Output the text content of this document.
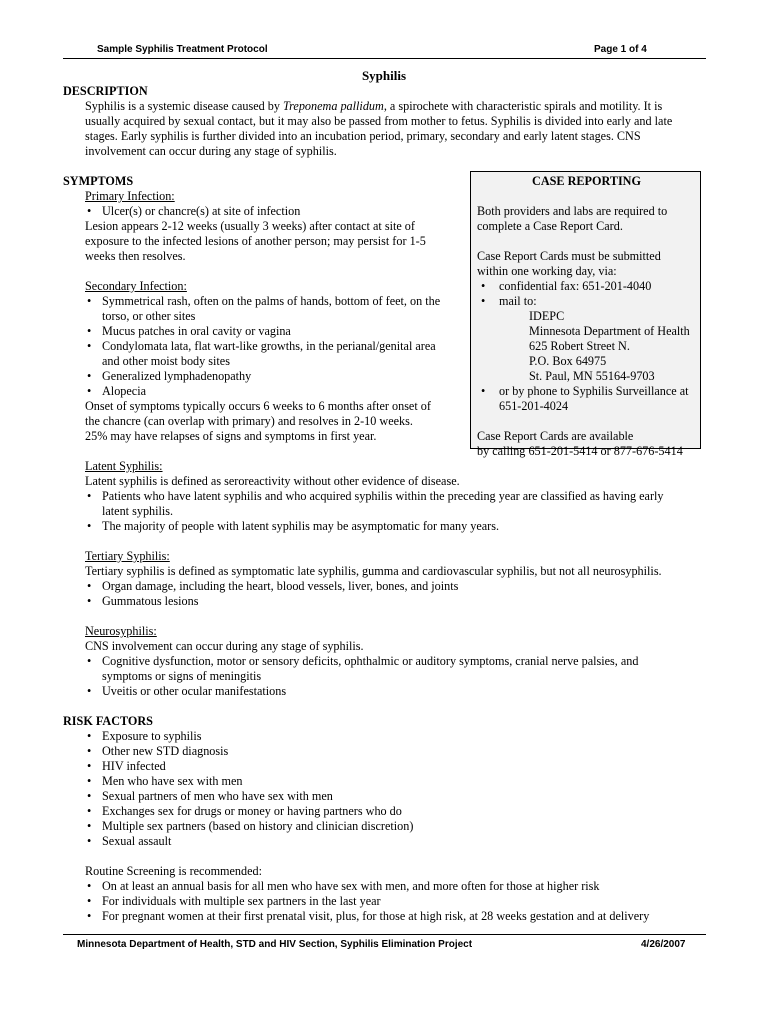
Sample Syphilis Treatment Protocol	Page 1 of 4
Syphilis
DESCRIPTION
Syphilis is a systemic disease caused by Treponema pallidum, a spirochete with characteristic spirals and motility. It is
usually acquired by sexual contact, but it may also be passed from mother to fetus. Syphilis is divided into early and late
stages. Early syphilis is further divided into an incubation period, primary, secondary and early latent stages. CNS
involvement can occur during any stage of syphilis.
SYMPTOMS
Primary Infection:
• Ulcer(s) or chancre(s) at site of infection
Lesion appears 2-12 weeks (usually 3 weeks) after contact at site of
exposure to the infected lesions of another person; may persist for 1-5
weeks then resolves.
Secondary Infection:
• Symmetrical rash, often on the palms of hands, bottom of feet, on the
torso, or other sites
• Mucus patches in oral cavity or vagina
• Condylomata lata, flat wart-like growths, in the perianal/genital area
and other moist body sites
• Generalized lymphadenopathy
• Alopecia
Onset of symptoms typically occurs 6 weeks to 6 months after onset of
the chancre (can overlap with primary) and resolves in 2-10 weeks.
25% may have relapses of signs and symptoms in first year.
Latent Syphilis:
Latent syphilis is defined as seroreactivity without other evidence of disease.
• Patients who have latent syphilis and who acquired syphilis within the preceding year are classified as having early
latent syphilis.
• The majority of people with latent syphilis may be asymptomatic for many years.
Tertiary Syphilis:
Tertiary syphilis is defined as symptomatic late syphilis, gumma and cardiovascular syphilis, but not all neurosyphilis.
• Organ damage, including the heart, blood vessels, liver, bones, and joints
• Gummatous lesions
Neurosyphilis:
CNS involvement can occur during any stage of syphilis.
• Cognitive dysfunction, motor or sensory deficits, ophthalmic or auditory symptoms, cranial nerve palsies, and
symptoms or signs of meningitis
• Uveitis or other ocular manifestations
RISK FACTORS
• Exposure to syphilis
• Other new STD diagnosis
• HIV infected
• Men who have sex with men
• Sexual partners of men who have sex with men
• Exchanges sex for drugs or money or having partners who do
• Multiple sex partners (based on history and clinician discretion)
• Sexual assault
Routine Screening is recommended:
• On at least an annual basis for all men who have sex with men, and more often for those at higher risk
• For individuals with multiple sex partners in the last year
• For pregnant women at their first prenatal visit, plus, for those at high risk, at 28 weeks gestation and at delivery
CASE REPORTING
Both providers and labs are required to
complete a Case Report Card.
Case Report Cards must be submitted
within one working day, via:
• confidential fax: 651-201-4040
• mail to:
IDEPC
Minnesota Department of Health
625 Robert Street N.
P.O. Box 64975
St. Paul, MN 55164-9703
• or by phone to Syphilis Surveillance at
651-201-4024
Case Report Cards are available
by calling 651-201-5414 or 877-676-5414
Minnesota Department of Health, STD and HIV Section, Syphilis Elimination Project	4/26/2007
